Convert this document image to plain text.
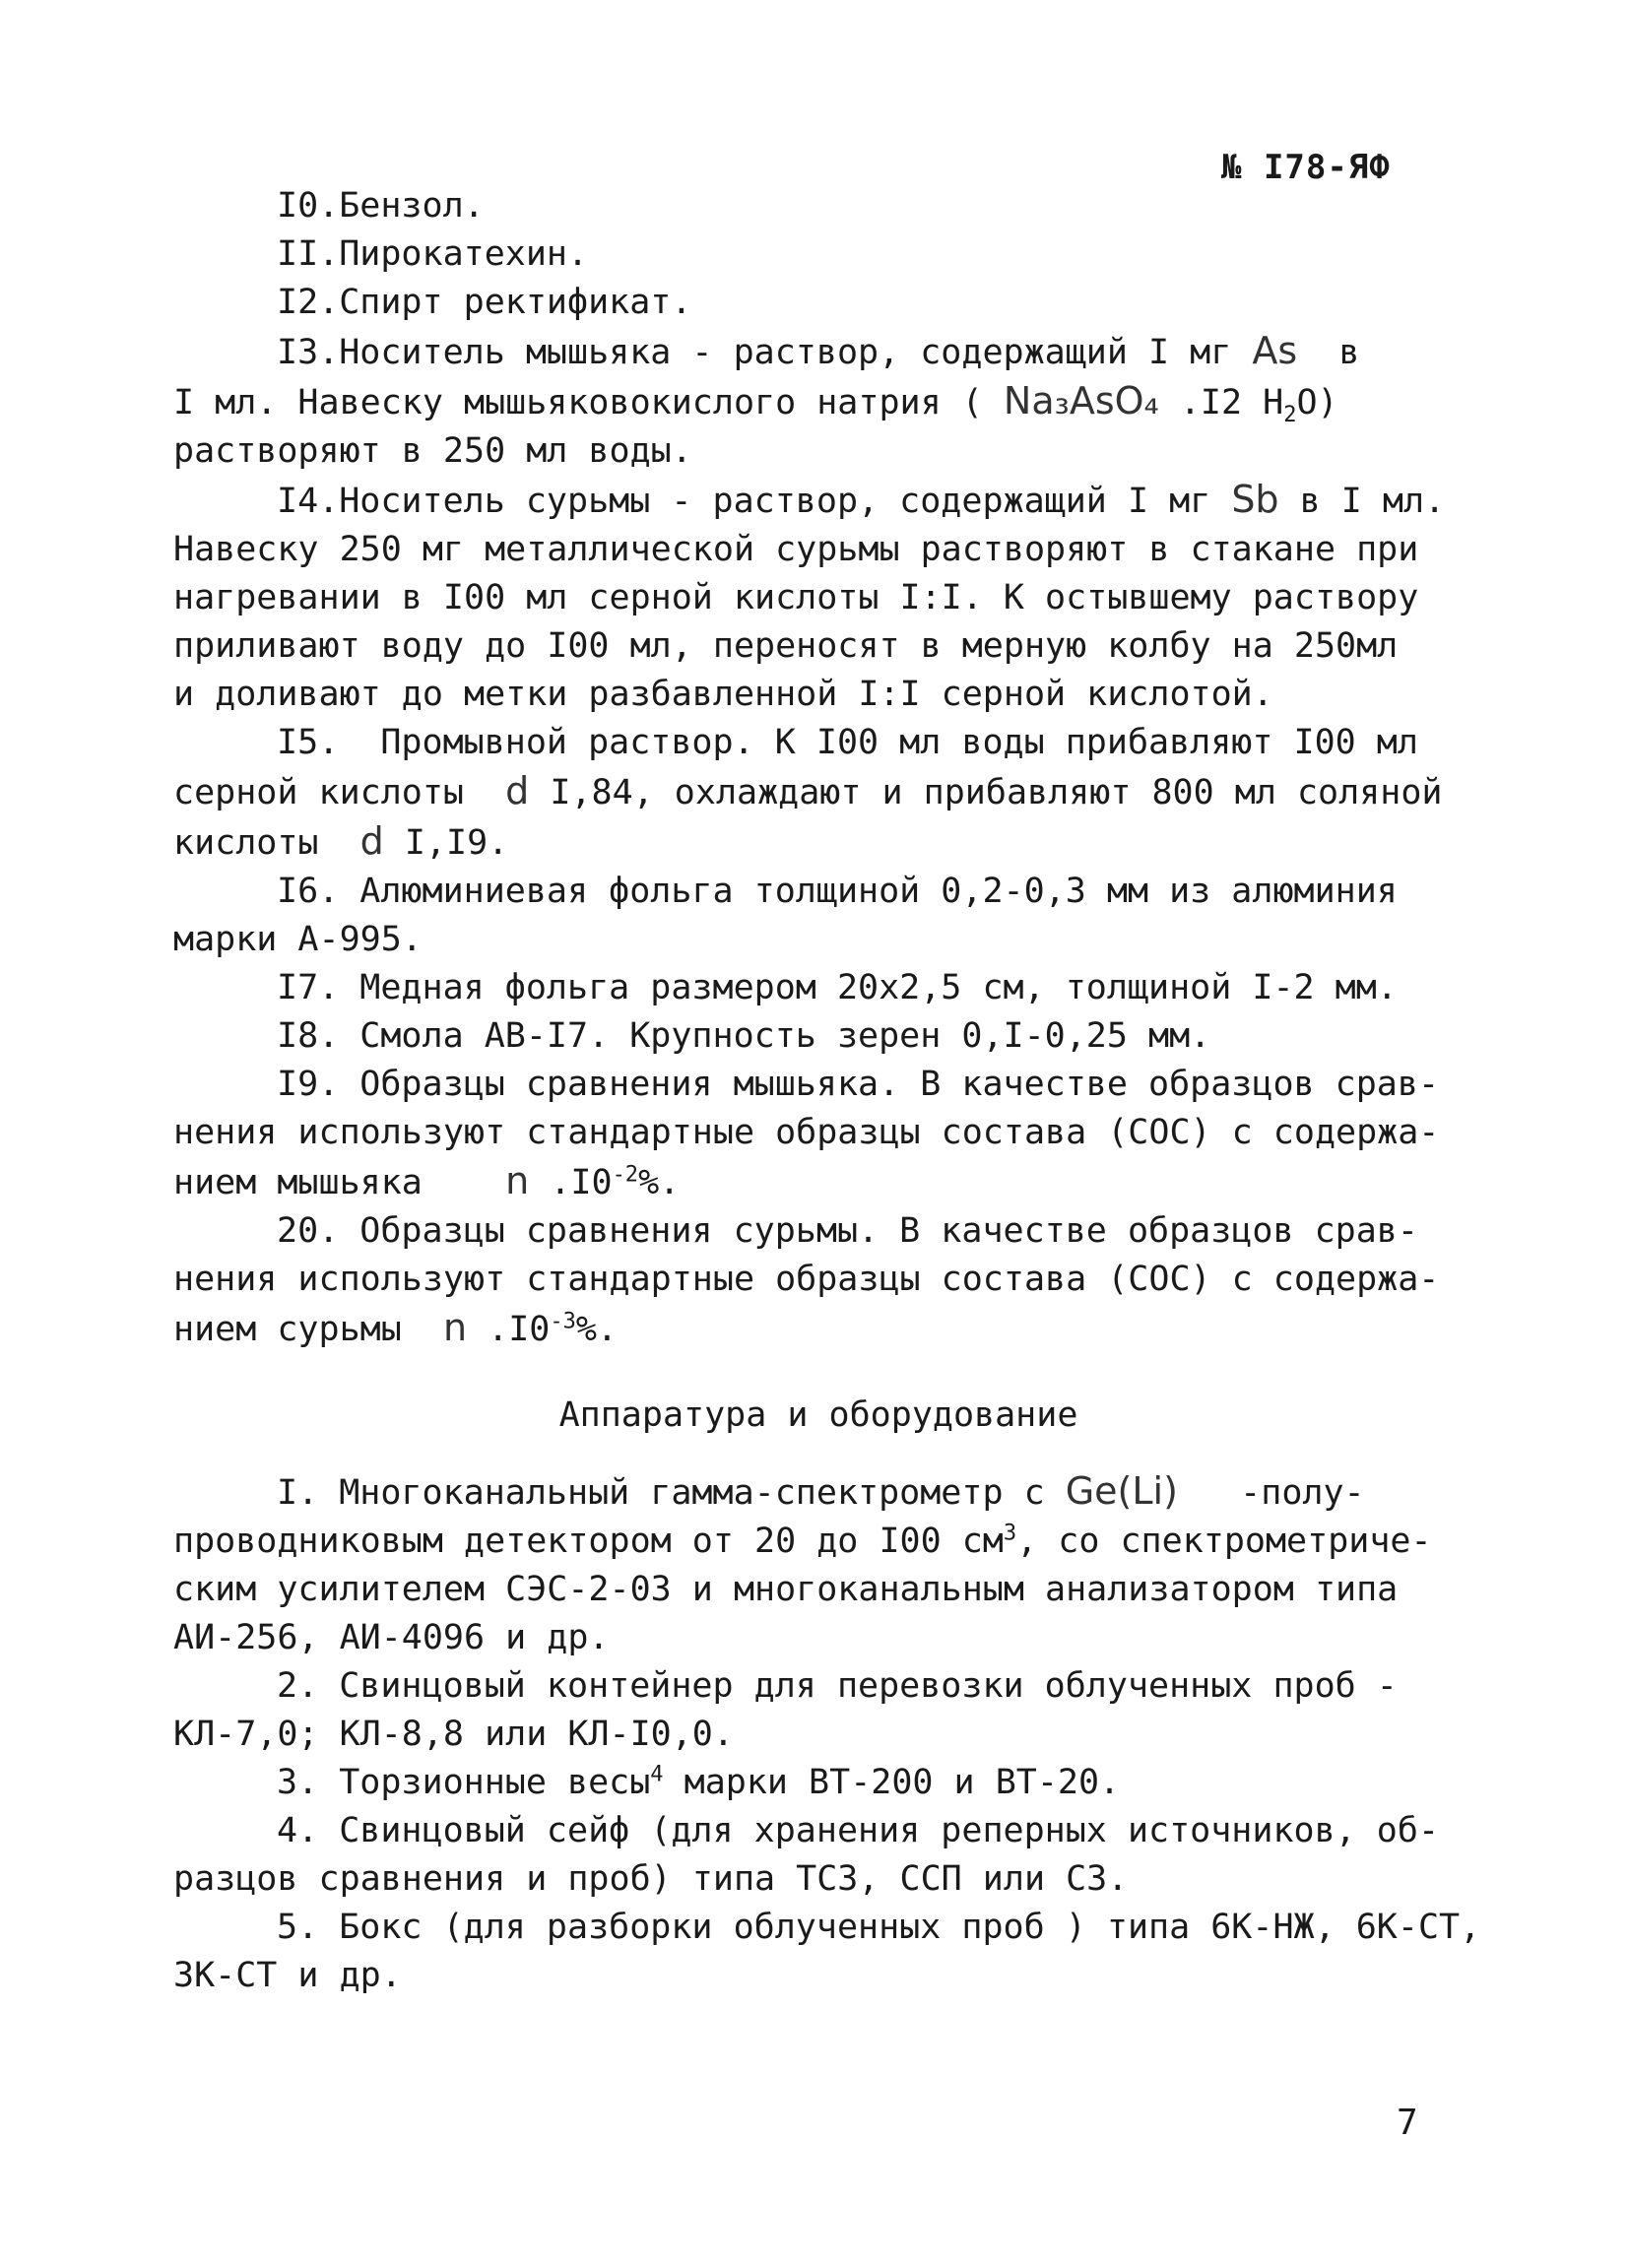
№ I78-ЯФ
I0.Бензол.
II.Пирокатехин.
I2.Спирт ректификат.
I3.Носитель мышьяка - раствор, содержащий I мг As в
I мл. Навеску мышьяковокислого натрия ( Na₃AsO₄ .I2 $H_2O$)
растворяют в 250 мл воды.
I4.Носитель сурьмы - раствор, содержащий I мг Sb в I мл.
Навеску 250 мг металлической сурьмы растворяют в стакане при
нагревании в I00 мл серной кислоты I:I. К остывшему раствору
приливают воду до I00 мл, переносят в мерную колбу на 250мл
и доливают до метки разбавленной I:I серной кислотой.
I5.  Промывной раствор. К I00 мл воды прибавляют I00 мл
серной кислоты d I,84, охлаждают и прибавляют 800 мл соляной
кислоты d I,I9.
I6. Алюминиевая фольга толщиной 0,2-0,3 мм из алюминия
марки А-995.
I7. Медная фольга размером 20х2,5 см, толщиной I-2 мм.
I8. Смола АВ-I7. Крупность зерен 0,I-0,25 мм.
I9. Образцы сравнения мышьяка. В качестве образцов срав-
нения используют стандартные образцы состава (СОС) с содержа-
нием мышьяка n $.I0^{-2}\%$.
20. Образцы сравнения сурьмы. В качестве образцов срав-
нения используют стандартные образцы состава (СОС) с содержа-
нием сурьмы n $.I0^{-3}\%$.
Аппаратура и оборудование
I. Многоканальный гамма-спектрометр с Ge(Li) -полу-
проводниковым детектором от 20 до I00 $см^3$, со спектрометриче-
ским усилителем СЭС-2-03 и многоканальным анализатором типа
АИ-256, АИ-4096 и др.
2. Свинцовый контейнер для перевозки облученных проб -
КЛ-7,0; КЛ-8,8 или КЛ-I0,0.
3. Торзионные весы$^4$ марки ВТ-200 и ВТ-20.
4. Свинцовый сейф (для хранения реперных источников, об-
разцов сравнения и проб) типа ТСЗ, ССП или СЗ.
5. Бокс (для разборки облученных проб ) типа 6К-НЖ, 6К-СТ,
3К-СТ и др.
7
